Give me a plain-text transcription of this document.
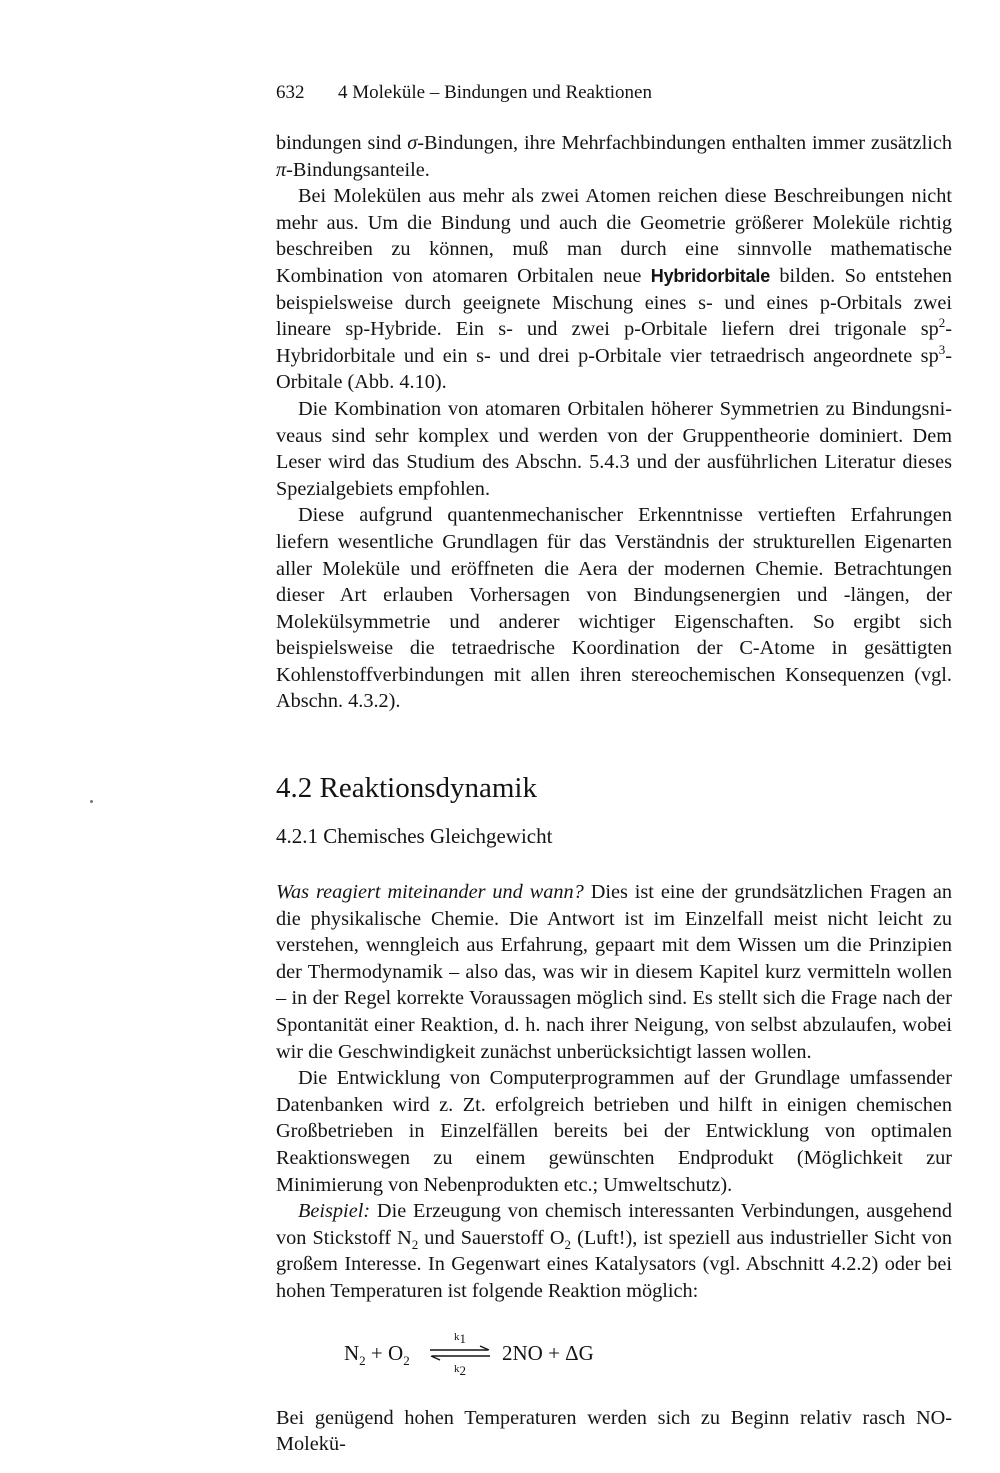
632 4 Moleküle – Bindungen und Reaktionen

bindungen sind σ-Bindungen, ihre Mehrfachbindungen enthalten immer zusätzlich π-Bindungsanteile.

Bei Molekülen aus mehr als zwei Atomen reichen diese Beschreibungen nicht mehr aus. Um die Bindung und auch die Geometrie größerer Moleküle richtig beschreiben zu können, muß man durch eine sinnvolle mathematische Kombination von atomaren Orbitalen neue Hybridorbitale bilden. So entstehen beispielsweise durch geeignete Mischung eines s- und eines p-Orbitals zwei lineare sp-Hybride. Ein s- und zwei p-Orbitale liefern drei trigonale $sp^2$-Hybridorbitale und ein s- und drei p-Orbitale vier tetraedrisch angeordnete $sp^3$-Orbitale (Abb. 4.10).

Die Kombination von atomaren Orbitalen höherer Symmetrien zu Bindungsniveaus sind sehr komplex und werden von der Gruppentheorie dominiert. Dem Leser wird das Studium des Abschn. 5.4.3 und der ausführlichen Literatur dieses Spezialgebiets empfohlen.

Diese aufgrund quantenmechanischer Erkenntnisse vertieften Erfahrungen liefern wesentliche Grundlagen für das Verständnis der strukturellen Eigenarten aller Moleküle und eröffneten die Aera der modernen Chemie. Betrachtungen dieser Art erlauben Vorhersagen von Bindungsenergien und -längen, der Molekülsymmetrie und anderer wichtiger Eigenschaften. So ergibt sich beispielsweise die tetraedrische Koordination der C-Atome in gesättigten Kohlenstoffverbindungen mit allen ihren stereochemischen Konsequenzen (vgl. Abschn. 4.3.2).

4.2 Reaktionsdynamik
4.2.1 Chemisches Gleichgewicht

Was reagiert miteinander und wann? Dies ist eine der grundsätzlichen Fragen an die physikalische Chemie. Die Antwort ist im Einzelfall meist nicht leicht zu verstehen, wenngleich aus Erfahrung, gepaart mit dem Wissen um die Prinzipien der Thermodynamik – also das, was wir in diesem Kapitel kurz vermitteln wollen – in der Regel korrekte Voraussagen möglich sind. Es stellt sich die Frage nach der Spontanität einer Reaktion, d. h. nach ihrer Neigung, von selbst abzulaufen, wobei wir die Geschwindigkeit zunächst unberücksichtigt lassen wollen.

Die Entwicklung von Computerprogrammen auf der Grundlage umfassender Datenbanken wird z. Zt. erfolgreich betrieben und hilft in einigen chemischen Großbetrieben in Einzelfällen bereits bei der Entwicklung von optimalen Reaktionswegen zu einem gewünschten Endprodukt (Möglichkeit zur Minimierung von Nebenprodukten etc.; Umweltschutz).

Beispiel: Die Erzeugung von chemisch interessanten Verbindungen, ausgehend von Stickstoff $N_2$ und Sauerstoff $O_2$ (Luft!), ist speziell aus industrieller Sicht von großem Interesse. In Gegenwart eines Katalysators (vgl. Abschnitt 4.2.2) oder bei hohen Temperaturen ist folgende Reaktion möglich:

$N_2 + O_2$
$k_1$
$k_2$
2NO + ΔG

Bei genügend hohen Temperaturen werden sich zu Beginn relativ rasch NO-Molekü-
